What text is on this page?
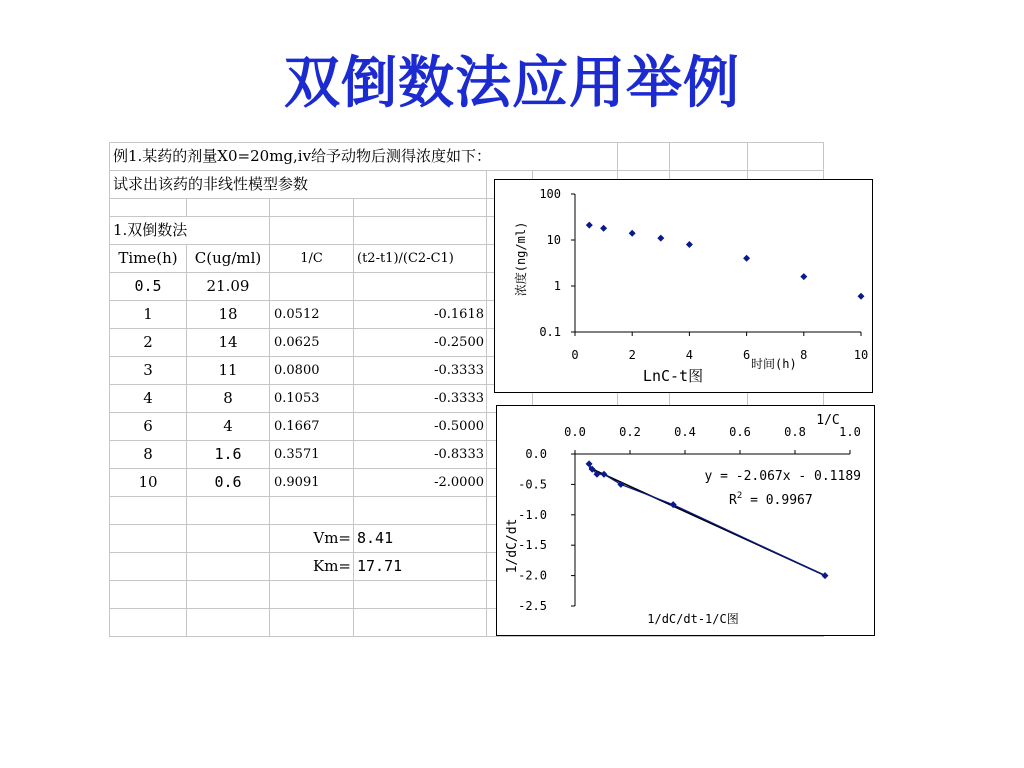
双倒数法应用举例
例1.某药的剂量X0=20mg,iv给予动物后测得浓度如下：								
试求出该药的非线性模型参数								

1.双倒数法								
Time(h)	C(ug/ml)	1/C	(t2-t1)/(C2-C1)					
0.5	21.09							
1	18	0.0512	-0.1618					
2	14	0.0625	-0.2500					
3	11	0.0800	-0.3333					
4	8	0.1053	-0.3333					
6	4	0.1667	-0.5000					
8	1.6	0.3571	-0.8333					
10	0.6	0.9091	-2.0000					

		Vm=	8.41					
		Km=	17.71					

100
10
1
0.1
0	2	4	6	8	10
时间(h)
浓度(ng/ml)
LnC-t图
0.0
-0.5
-1.0
-1.5
-2.0
-2.5
0.0	0.2	0.4	0.6	0.8	1.0
1/C
1/dC/dt
1/dC/dt-1/C图
y = -2.067x - 0.1189
$R^2 = 0.9967$
